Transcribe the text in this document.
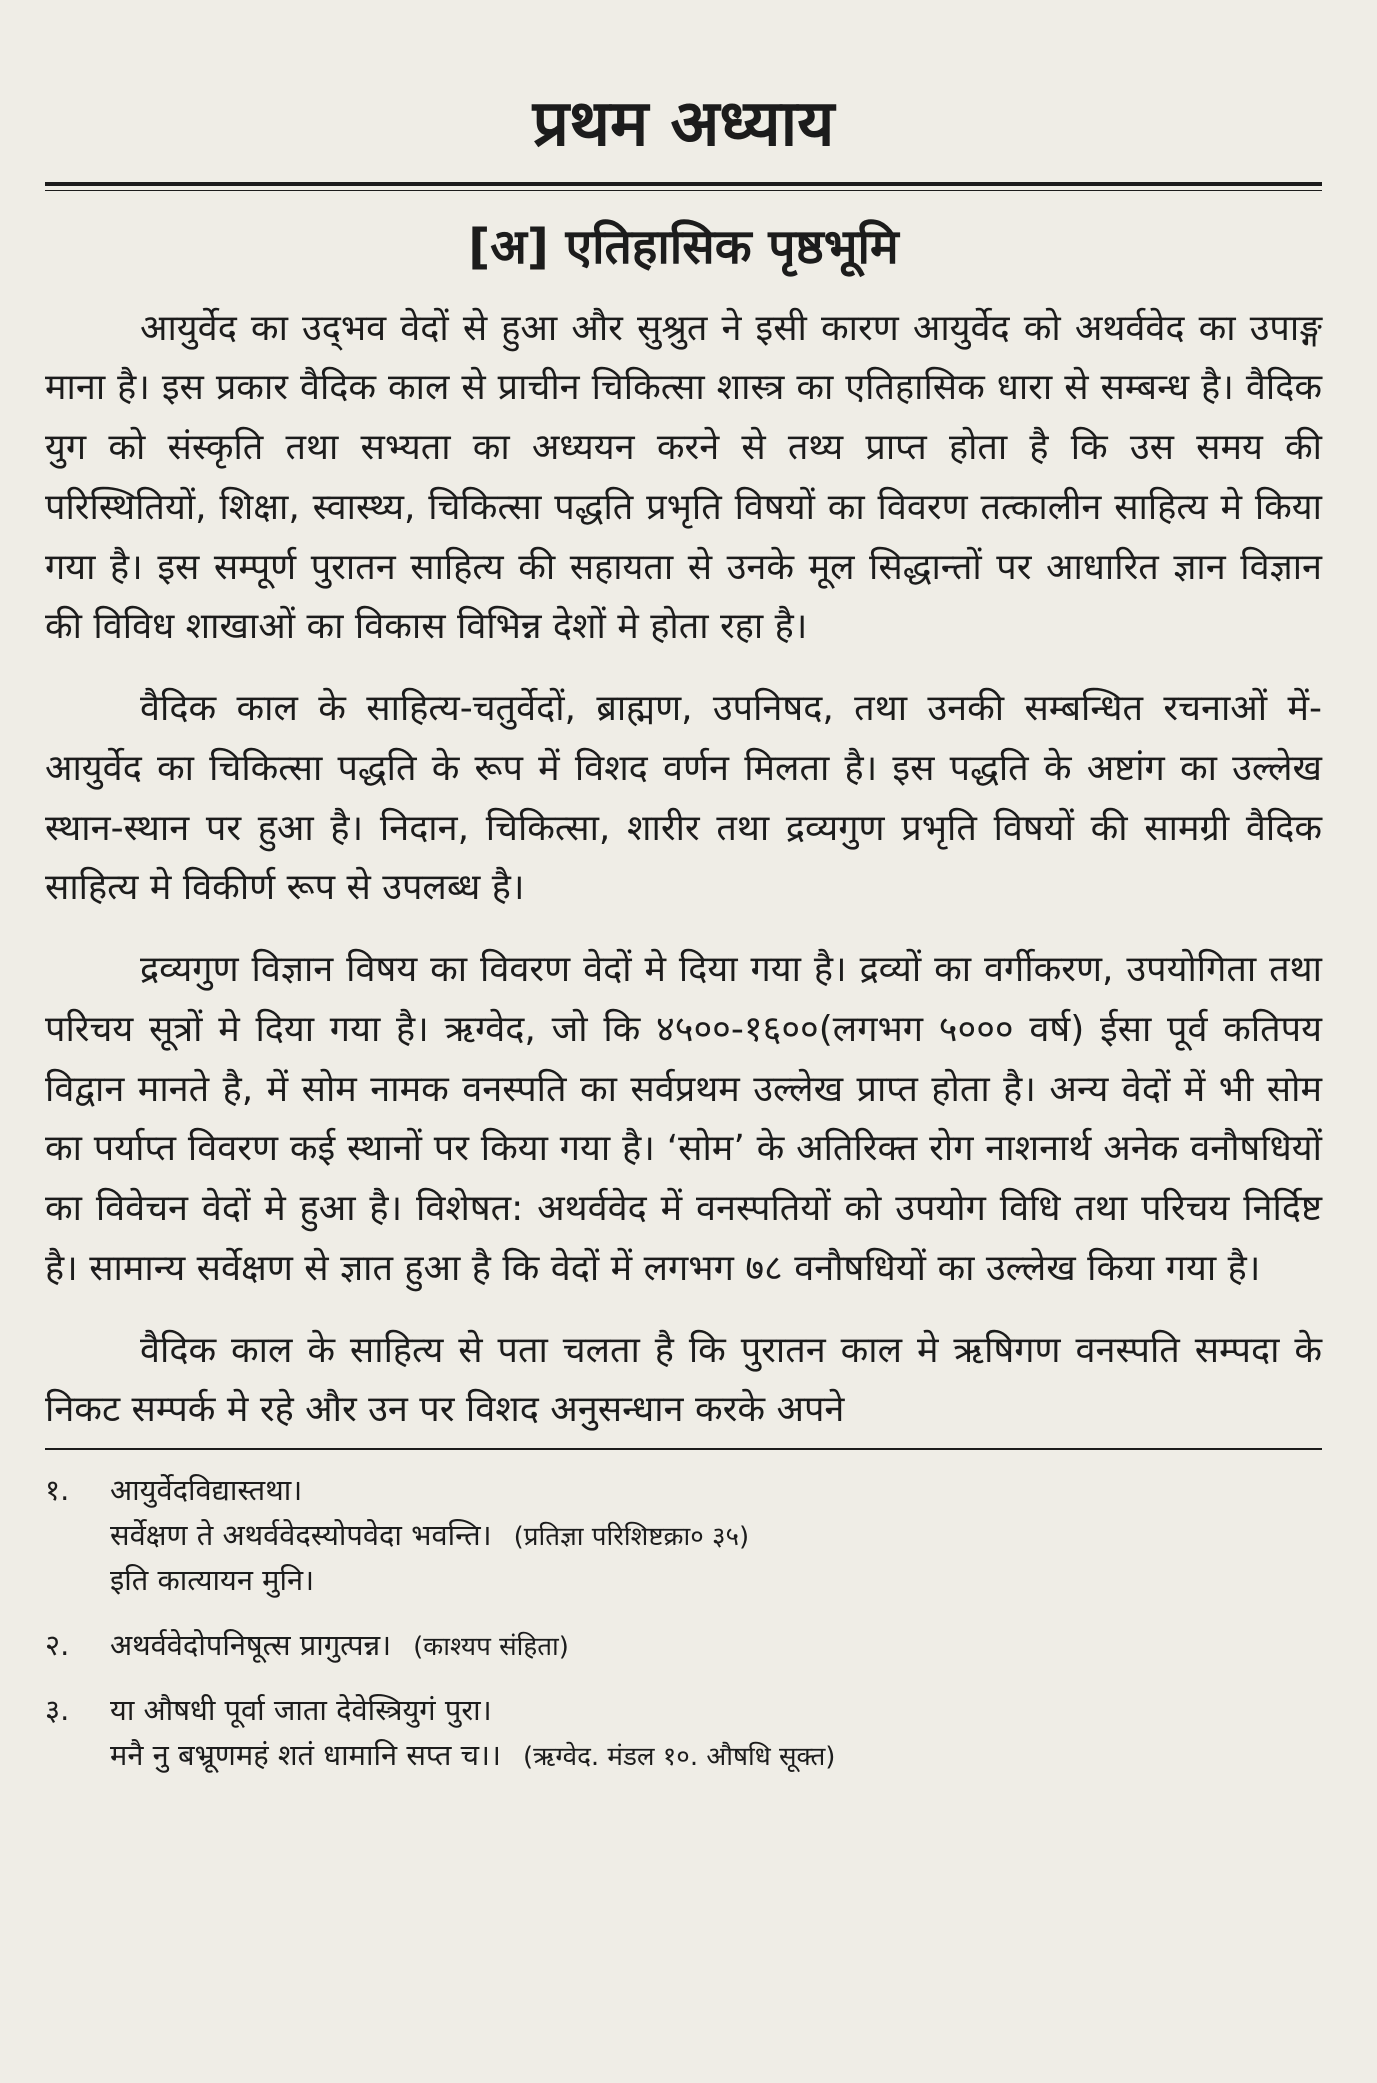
प्रथम अध्याय
[अ] एतिहासिक पृष्ठभूमि

आयुर्वेद का उद्‌भव वेदों से हुआ और सुश्रुत ने इसी कारण आयुर्वेद को अथर्ववेद का उपाङ्ग माना है। इस प्रकार वैदिक काल से प्राचीन चिकित्सा शास्त्र का एतिहासिक धारा से सम्बन्ध है। वैदिक युग को संस्कृति तथा सभ्यता का अध्ययन करने से तथ्य प्राप्त होता है कि उस समय की परिस्थितियों, शिक्षा, स्वास्थ्य, चिकित्सा पद्धति प्रभृति विषयों का विवरण तत्कालीन साहित्य मे किया गया है। इस सम्पूर्ण पुरातन साहित्य की सहायता से उनके मूल सिद्धान्तों पर आधारित ज्ञान विज्ञान की विविध शाखाओं का विकास विभिन्न देशों मे होता रहा है।

वैदिक काल के साहित्य-चतुर्वेदों, ब्राह्मण, उपनिषद, तथा उनकी सम्बन्धित रचनाओं में- आयुर्वेद का चिकित्सा पद्धति के रूप में विशद वर्णन मिलता है। इस पद्धति के अष्टांग का उल्लेख स्थान-स्थान पर हुआ है। निदान, चिकित्सा, शारीर तथा द्रव्यगुण प्रभृति विषयों की सामग्री वैदिक साहित्य मे विकीर्ण रूप से उपलब्ध है।

द्रव्यगुण विज्ञान विषय का विवरण वेदों मे दिया गया है। द्रव्यों का वर्गीकरण, उपयोगिता तथा परिचय सूत्रों मे दिया गया है। ऋग्वेद, जो कि ४५००-१६००(लगभग ५००० वर्ष) ईसा पूर्व कतिपय विद्वान मानते है, में सोम नामक वनस्पति का सर्वप्रथम उल्लेख प्राप्त होता है। अन्य वेदों में भी सोम का पर्याप्त विवरण कई स्थानों पर किया गया है। ‘सोम’ के अतिरिक्त रोग नाशनार्थ अनेक वनौषधियों का विवेचन वेदों मे हुआ है। विशेषत: अथर्ववेद में वनस्पतियों को उपयोग विधि तथा परिचय निर्दिष्ट है। सामान्य सर्वेक्षण से ज्ञात हुआ है कि वेदों में लगभग ७८ वनौषधियों का उल्लेख किया गया है।

वैदिक काल के साहित्य से पता चलता है कि पुरातन काल मे ऋषिगण वनस्पति सम्पदा के निकट सम्पर्क मे रहे और उन पर विशद अनुसन्धान करके अपने

१.	आयुर्वेदविद्यास्तथा।
सर्वेक्षण ते अथर्ववेदस्योपवेदा भवन्ति। (प्रतिज्ञा परिशिष्टक्रा० ३५)
इति कात्यायन मुनि।
२.	अथर्ववेदोपनिषूत्स प्रागुत्पन्न। (काश्यप संहिता)
३.	या औषधी पूर्वा जाता देवेस्त्रियुगं पुरा।
मनै नु बभ्रूणमहं शतं धामानि सप्त च।। (ऋग्वेद. मंडल १०. औषधि सूक्त)
